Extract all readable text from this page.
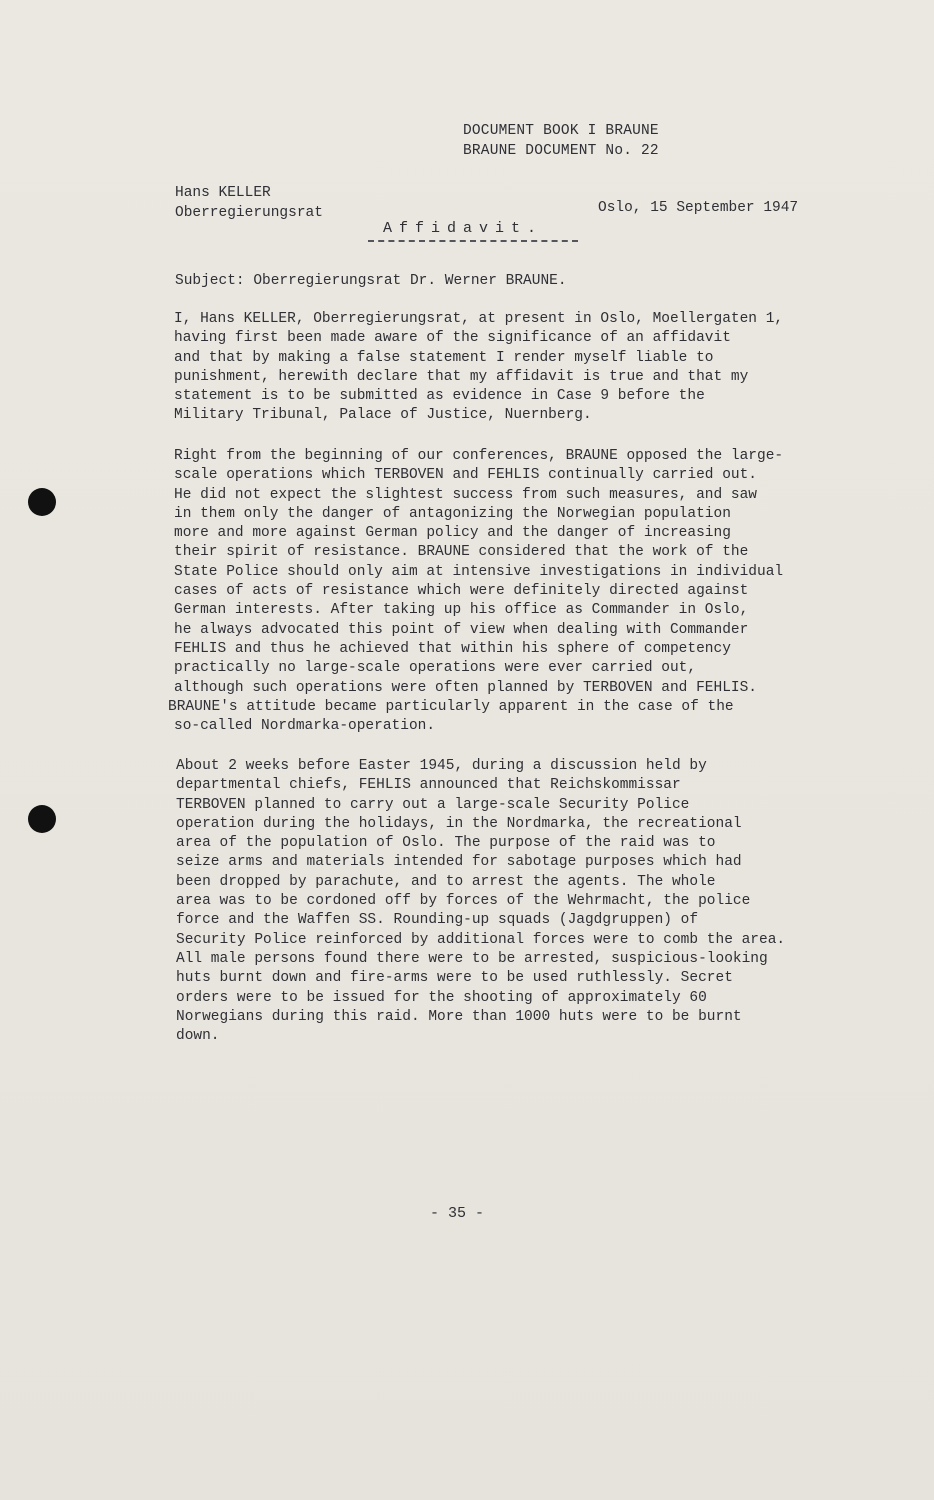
DOCUMENT BOOK I BRAUNE
BRAUNE DOCUMENT No. 22
Hans KELLER
Oberregierungsrat	Oslo, 15 September 1947
Affidavit.
Subject: Oberregierungsrat Dr. Werner BRAUNE.
I, Hans KELLER, Oberregierungsrat, at present in Oslo, Moellergaten 1,
having first been made aware of the significance of an affidavit
and that by making a false statement I render myself liable to
punishment, herewith declare that my affidavit is true and that my
statement is to be submitted as evidence in Case 9 before the
Military Tribunal, Palace of Justice, Nuernberg.
Right from the beginning of our conferences, BRAUNE opposed the large-
scale operations which TERBOVEN and FEHLIS continually carried out.
He did not expect the slightest success from such measures, and saw
in them only the danger of antagonizing the Norwegian population
more and more against German policy and the danger of increasing
their spirit of resistance. BRAUNE considered that the work of the
State Police should only aim at intensive investigations in individual
cases of acts of resistance which were definitely directed against
German interests. After taking up his office as Commander in Oslo,
he always advocated this point of view when dealing with Commander
FEHLIS and thus he achieved that within his sphere of competency
practically no large-scale operations were ever carried out,
although such operations were often planned by TERBOVEN and FEHLIS.
BRAUNE's attitude became particularly apparent in the case of the
so-called Nordmarka-operation.
About 2 weeks before Easter 1945, during a discussion held by
departmental chiefs, FEHLIS announced that Reichskommissar
TERBOVEN planned to carry out a large-scale Security Police
operation during the holidays, in the Nordmarka, the recreational
area of the population of Oslo. The purpose of the raid was to
seize arms and materials intended for sabotage purposes which had
been dropped by parachute, and to arrest the agents. The whole
area was to be cordoned off by forces of the Wehrmacht, the police
force and the Waffen SS. Rounding-up squads (Jagdgruppen) of
Security Police reinforced by additional forces were to comb the area.
All male persons found there were to be arrested, suspicious-looking
huts burnt down and fire-arms were to be used ruthlessly. Secret
orders were to be issued for the shooting of approximately 60
Norwegians during this raid. More than 1000 huts were to be burnt
down.
- 35 -
